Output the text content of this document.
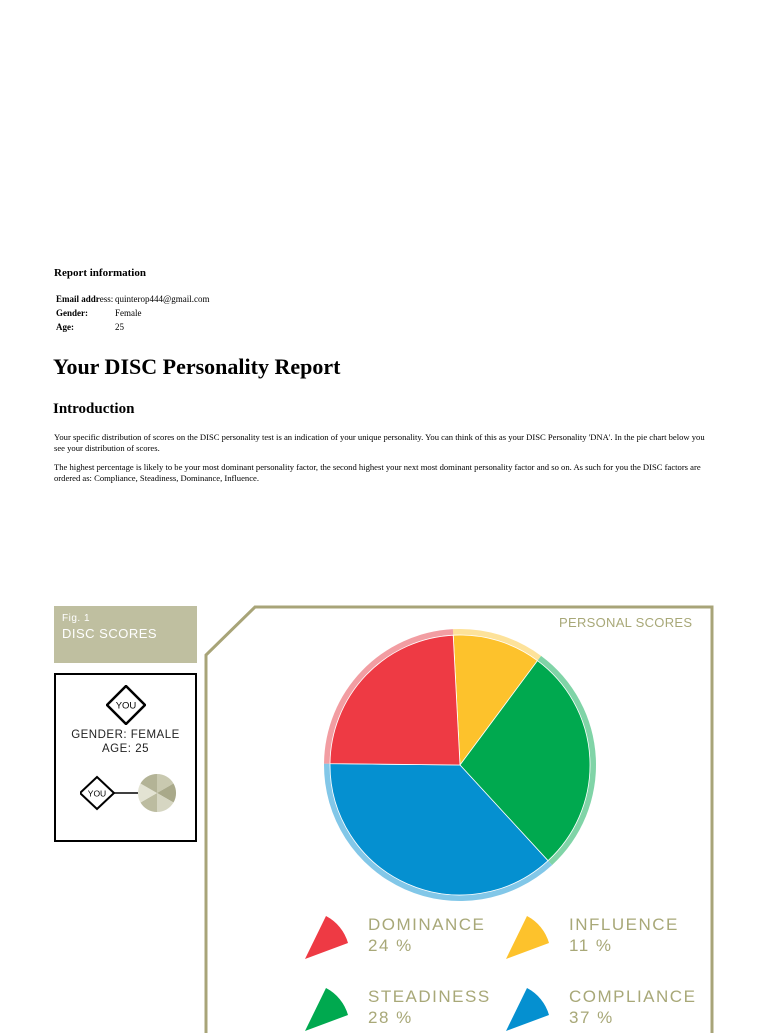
Report information
Email address:	quinterop444@gmail.com
Gender:	Female
Age:	25
Your DISC Personality Report
Introduction

Your specific distribution of scores on the DISC personality test is an indication of your unique personality. You can think of this as your DISC Personality 'DNA'. In the pie chart below you see your distribution of scores.

The highest percentage is likely to be your most dominant personality factor, the second highest your next most dominant personality factor and so on. As such for you the DISC factors are ordered as: Compliance, Steadiness, Dominance, Influence.

Fig. 1
DISC SCORES
YOU
GENDER: FEMALE
AGE: 25
YOU
PERSONAL SCORES
DOMINANCE
24 %
INFLUENCE
11 %
STEADINESS
28 %
COMPLIANCE
37 %
